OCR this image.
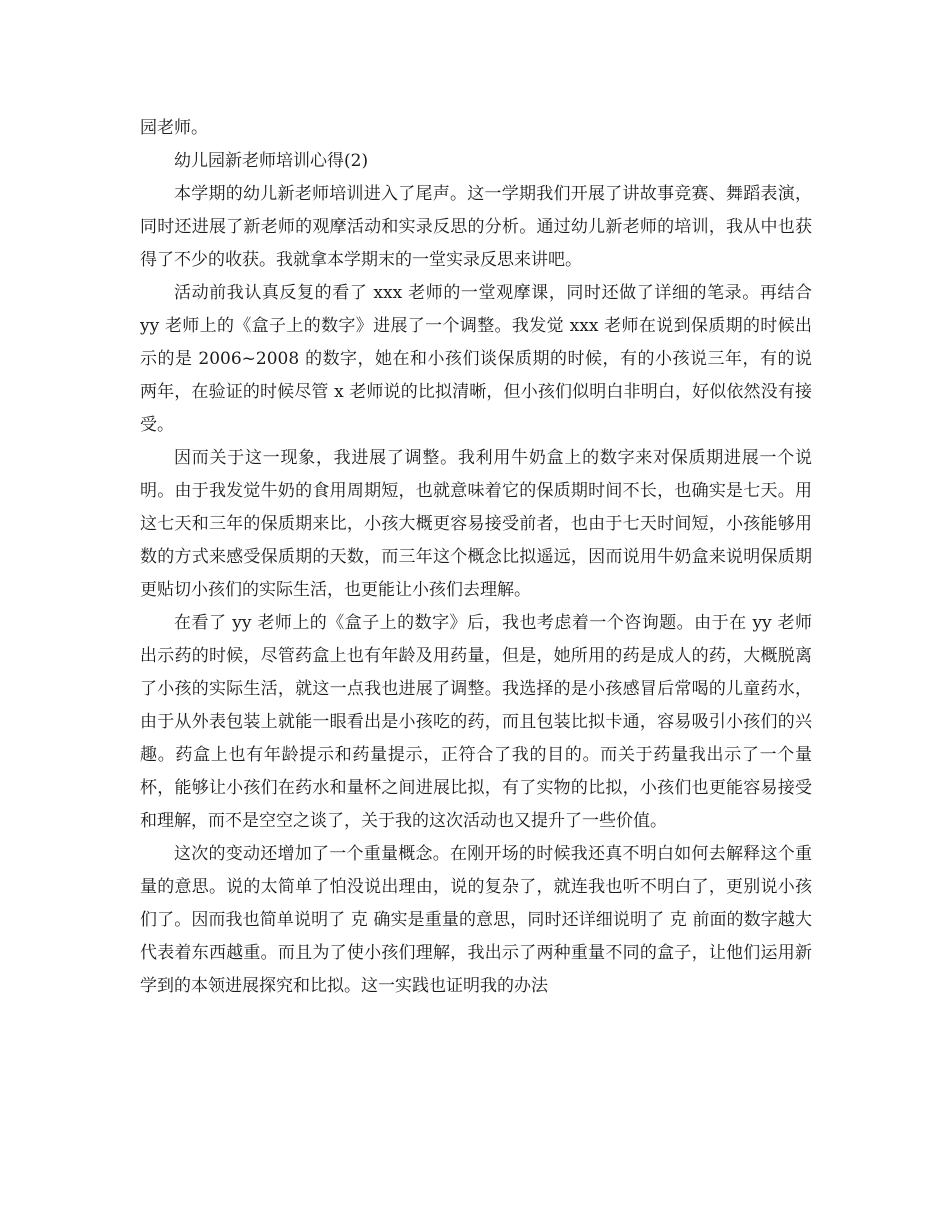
园老师。

幼儿园新老师培训心得(2)

本学期的幼儿新老师培训进入了尾声。这一学期我们开展了讲故事竞赛、舞蹈表演，同时还进展了新老师的观摩活动和实录反思的分析。通过幼儿新老师的培训，我从中也获得了不少的收获。我就拿本学期末的一堂实录反思来讲吧。

活动前我认真反复的看了 xxx 老师的一堂观摩课，同时还做了详细的笔录。再结合 yy 老师上的《盒子上的数字》进展了一个调整。我发觉 xxx 老师在说到保质期的时候出示的是 2006~2008 的数字，她在和小孩们谈保质期的时候，有的小孩说三年，有的说两年，在验证的时候尽管 x 老师说的比拟清晰，但小孩们似明白非明白，好似依然没有接受。

因而关于这一现象，我进展了调整。我利用牛奶盒上的数字来对保质期进展一个说明。由于我发觉牛奶的食用周期短，也就意味着它的保质期时间不长，也确实是七天。用这七天和三年的保质期来比，小孩大概更容易接受前者，也由于七天时间短，小孩能够用数的方式来感受保质期的天数，而三年这个概念比拟遥远，因而说用牛奶盒来说明保质期更贴切小孩们的实际生活，也更能让小孩们去理解。

在看了 yy 老师上的《盒子上的数字》后，我也考虑着一个咨询题。由于在 yy 老师出示药的时候，尽管药盒上也有年龄及用药量，但是，她所用的药是成人的药，大概脱离了小孩的实际生活，就这一点我也进展了调整。我选择的是小孩感冒后常喝的儿童药水，由于从外表包装上就能一眼看出是小孩吃的药，而且包装比拟卡通，容易吸引小孩们的兴趣。药盒上也有年龄提示和药量提示，正符合了我的目的。而关于药量我出示了一个量杯，能够让小孩们在药水和量杯之间进展比拟，有了实物的比拟，小孩们也更能容易接受和理解，而不是空空之谈了，关于我的这次活动也又提升了一些价值。

这次的变动还增加了一个重量概念。在刚开场的时候我还真不明白如何去解释这个重量的意思。说的太简单了怕没说出理由，说的复杂了，就连我也听不明白了，更别说小孩们了。因而我也简单说明了 克 确实是重量的意思，同时还详细说明了 克 前面的数字越大代表着东西越重。而且为了使小孩们理解，我出示了两种重量不同的盒子，让他们运用新学到的本领进展探究和比拟。这一实践也证明我的办法
